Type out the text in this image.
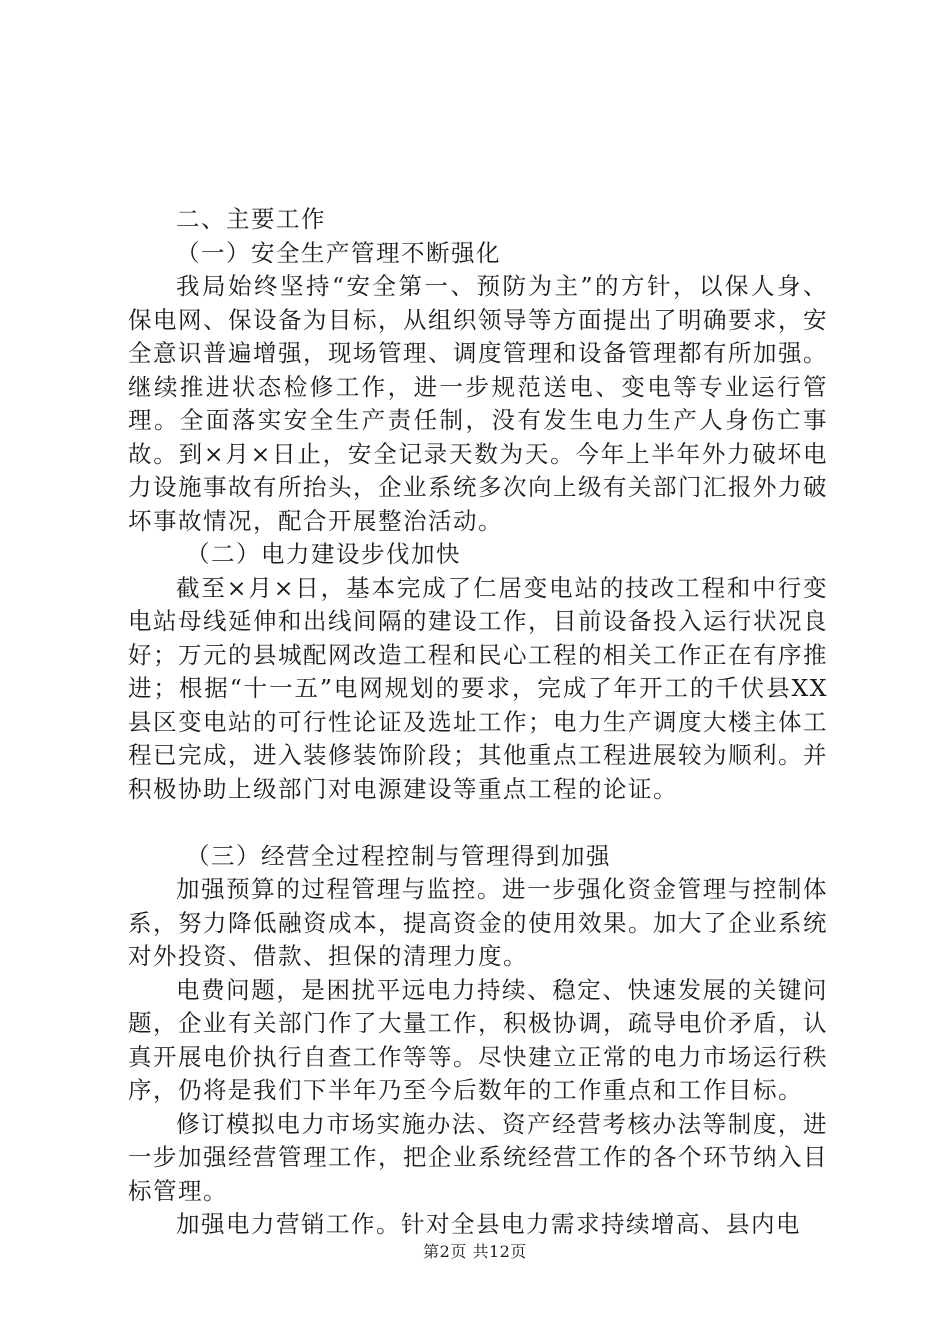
二、主要工作

（一）安全生产管理不断强化

我局始终坚持“安全第一、预防为主”的方针，以保人身、保电网、保设备为目标，从组织领导等方面提出了明确要求，安全意识普遍增强，现场管理、调度管理和设备管理都有所加强。继续推进状态检修工作，进一步规范送电、变电等专业运行管理。全面落实安全生产责任制，没有发生电力生产人身伤亡事故。到×月×日止，安全记录天数为天。今年上半年外力破坏电力设施事故有所抬头，企业系统多次向上级有关部门汇报外力破坏事故情况，配合开展整治活动。

（二）电力建设步伐加快

截至×月×日，基本完成了仁居变电站的技改工程和中行变电站母线延伸和出线间隔的建设工作，目前设备投入运行状况良好；万元的县城配网改造工程和民心工程的相关工作正在有序推进；根据“十一五”电网规划的要求，完成了年开工的千伏县XX县区变电站的可行性论证及选址工作；电力生产调度大楼主体工程已完成，进入装修装饰阶段；其他重点工程进展较为顺利。并积极协助上级部门对电源建设等重点工程的论证。

（三）经营全过程控制与管理得到加强

加强预算的过程管理与监控。进一步强化资金管理与控制体系，努力降低融资成本，提高资金的使用效果。加大了企业系统对外投资、借款、担保的清理力度。

电费问题，是困扰平远电力持续、稳定、快速发展的关键问题，企业有关部门作了大量工作，积极协调，疏导电价矛盾，认真开展电价执行自查工作等等。尽快建立正常的电力市场运行秩序，仍将是我们下半年乃至今后数年的工作重点和工作目标。

修订模拟电力市场实施办法、资产经营考核办法等制度，进一步加强经营管理工作，把企业系统经营工作的各个环节纳入目标管理。

加强电力营销工作。针对全县电力需求持续增高、县内电

第2页 共12页
